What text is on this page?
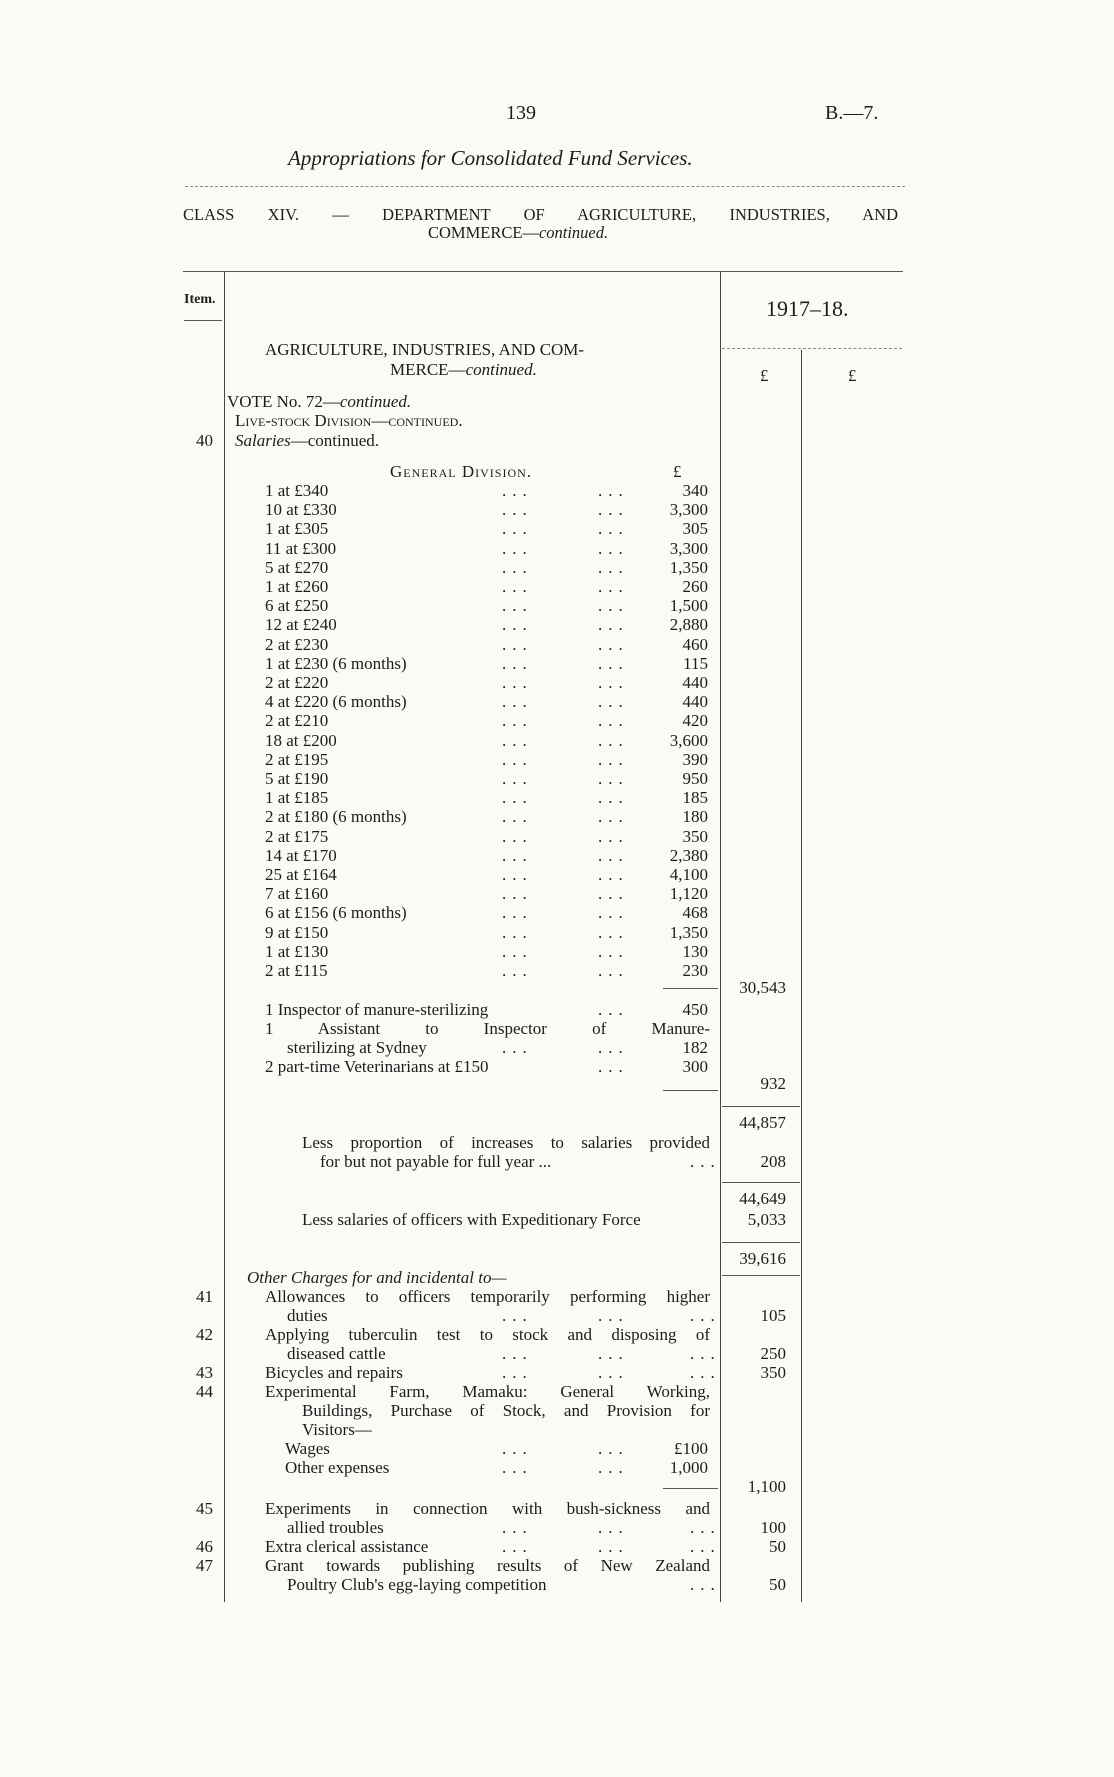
139	B.—7.
Appropriations for Consolidated Fund Services.
CLASS XIV. — DEPARTMENT OF AGRICULTURE, INDUSTRIES, AND
COMMERCE—continued.
Item.	1917–18.
£	£
AGRICULTURE, INDUSTRIES, AND COM-
MERCE—continued.
VOTE No. 72—continued.
Live-stock Division—continued.
40 Salaries—continued.
General Division.	£
1 at £340	...	...	340
10 at £330	...	...	3,300
1 at £305	...	...	305
11 at £300	...	...	3,300
5 at £270	...	...	1,350
1 at £260	...	...	260
6 at £250	...	...	1,500
12 at £240	...	...	2,880
2 at £230	...	...	460
1 at £230 (6 months)	...	...	115
2 at £220	...	...	440
4 at £220 (6 months)	...	...	440
2 at £210	...	...	420
18 at £200	...	...	3,600
2 at £195	...	...	390
5 at £190	...	...	950
1 at £185	...	...	185
2 at £180 (6 months)	...	...	180
2 at £175	...	...	350
14 at £170	...	...	2,380
25 at £164	...	...	4,100
7 at £160	...	...	1,120
6 at £156 (6 months)	...	...	468
9 at £150	...	...	1,350
1 at £130	...	...	130
2 at £115	...	...	230
30,543
1 Inspector of manure-sterilizing	...	450
1 Assistant to Inspector of Manure-
sterilizing at Sydney	...	...	182
2 part-time Veterinarians at £150	...	300
932
44,857
Less proportion of increases to salaries provided
for but not payable for full year ...	...	208
44,649
Less salaries of officers with Expeditionary Force	5,033
39,616
Other Charges for and incidental to—
41	Allowances to officers temporarily performing higher
duties	...	...	...	105
42	Applying tuberculin test to stock and disposing of
diseased cattle	...	...	...	250
43	Bicycles and repairs	...	...	...	350
44	Experimental Farm, Mamaku: General Working,
Buildings, Purchase of Stock, and Provision for
Visitors—
Wages	...	...	£100
Other expenses	...	...	1,000
1,100
45	Experiments in connection with bush-sickness and
allied troubles	...	...	...	100
46	Extra clerical assistance	...	...	...	50
47	Grant towards publishing results of New Zealand
Poultry Club's egg-laying competition	...	50
